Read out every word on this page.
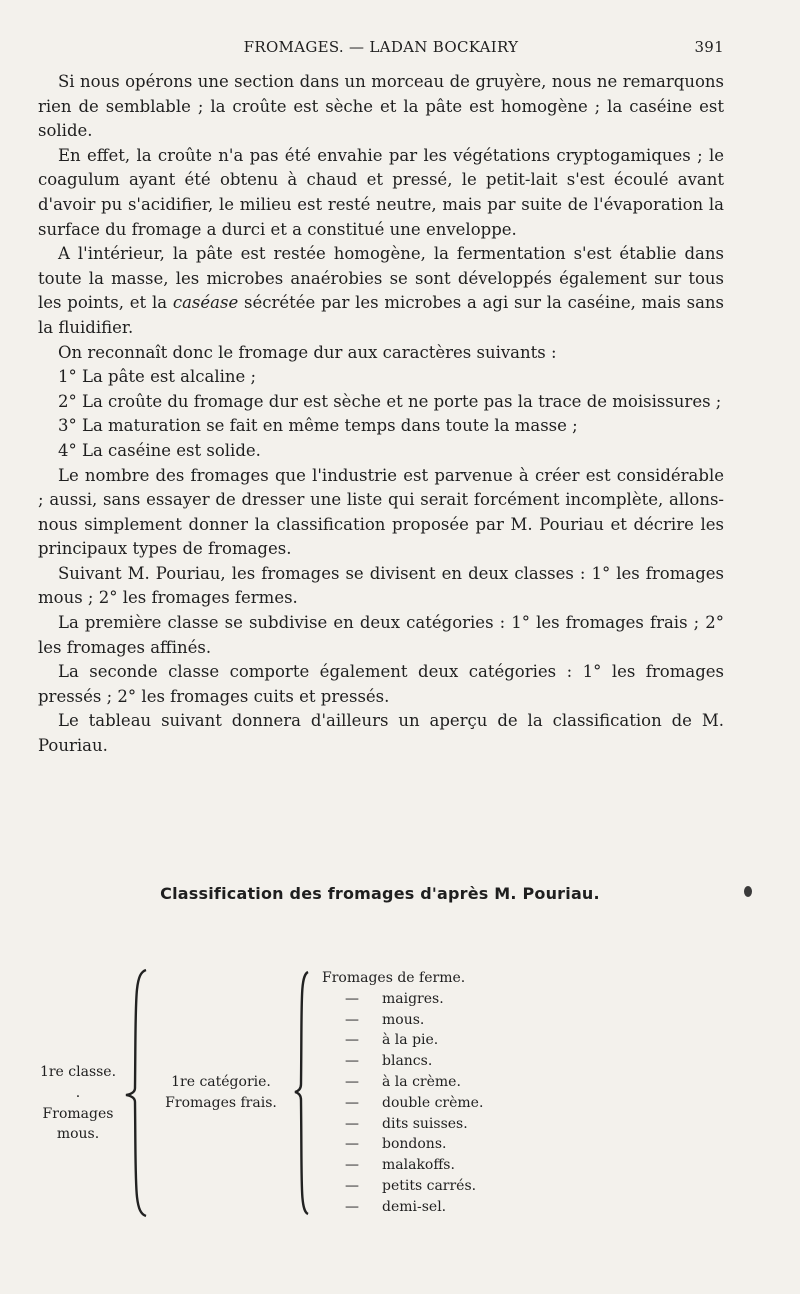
FROMAGES. — LADAN BOCKAIRY	391

Si nous opérons une section dans un morceau de gruyère, nous ne remarquons rien de semblable ; la croûte est sèche et la pâte est homogène ; la caséine est solide.

En effet, la croûte n'a pas été envahie par les végétations cryptogamiques ; le coagulum ayant été obtenu à chaud et pressé, le petit-lait s'est écoulé avant d'avoir pu s'acidifier, le milieu est resté neutre, mais par suite de l'évaporation la surface du fromage a durci et a constitué une enveloppe.

A l'intérieur, la pâte est restée homogène, la fermentation s'est établie dans toute la masse, les microbes anaérobies se sont développés également sur tous les points, et la caséase sécrétée par les microbes a agi sur la caséine, mais sans la fluidifier.

On reconnaît donc le fromage dur aux caractères suivants :

1° La pâte est alcaline ;

2° La croûte du fromage dur est sèche et ne porte pas la trace de moisissures ;

3° La maturation se fait en même temps dans toute la masse ;

4° La caséine est solide.

Le nombre des fromages que l'industrie est parvenue à créer est considérable ; aussi, sans essayer de dresser une liste qui serait forcément incomplète, allons-nous simplement donner la classification proposée par M. Pouriau et décrire les principaux types de fromages.

Suivant M. Pouriau, les fromages se divisent en deux classes : 1° les fromages mous ; 2° les fromages fermes.

La première classe se subdivise en deux catégories : 1° les fromages frais ; 2° les fromages affinés.

La seconde classe comporte également deux catégories : 1° les fromages pressés ; 2° les fromages cuits et pressés.

Le tableau suivant donnera d'ailleurs un aperçu de la classification de M. Pouriau.

Classification des fromages d'après M. Pouriau.
1re classe. .
Fromages
mous.
1re catégorie.
Fromages frais.
Fromages de ferme.
— maigres.
— mous.
— à la pie.
— blancs.
— à la crème.
— double crème.
— dits suisses.
— bondons.
— malakoffs.
— petits carrés.
— demi-sel.
